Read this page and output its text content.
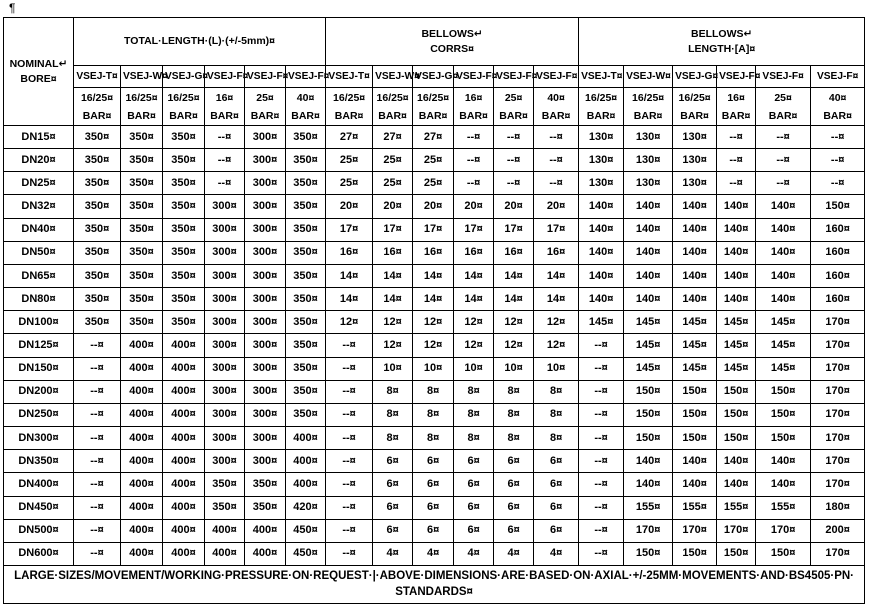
¶
NOMINAL↵
BORE¤	TOTAL·LENGTH·(L)·(+/-5mm)¤						BELLOWS↵
CORRS¤						BELLOWS↵
LENGTH·[A]¤					

	VSEJ-T¤	VSEJ-W¤	VSEJ-G¤	VSEJ-F¤	VSEJ-F¤	VSEJ-F¤	VSEJ-T¤	VSEJ-W¤	VSEJ-G¤	VSEJ-F¤	VSEJ-F¤	VSEJ-F¤	VSEJ-T¤	VSEJ-W¤	VSEJ-G¤	VSEJ-F¤	VSEJ-F¤	VSEJ-F¤

	16/25¤
BAR¤	16/25¤
BAR¤	16/25¤
BAR¤	16¤
BAR¤	25¤
BAR¤	40¤
BAR¤	16/25¤
BAR¤	16/25¤
BAR¤	16/25¤
BAR¤	16¤
BAR¤	25¤
BAR¤	40¤
BAR¤	16/25¤
BAR¤	16/25¤
BAR¤	16/25¤
BAR¤	16¤
BAR¤	25¤
BAR¤	40¤
BAR¤

DN15¤	350¤	350¤	350¤	--¤	300¤	350¤	27¤	27¤	27¤	--¤	--¤	--¤	130¤	130¤	130¤	--¤	--¤	--¤
DN20¤	350¤	350¤	350¤	--¤	300¤	350¤	25¤	25¤	25¤	--¤	--¤	--¤	130¤	130¤	130¤	--¤	--¤	--¤
DN25¤	350¤	350¤	350¤	--¤	300¤	350¤	25¤	25¤	25¤	--¤	--¤	--¤	130¤	130¤	130¤	--¤	--¤	--¤
DN32¤	350¤	350¤	350¤	300¤	300¤	350¤	20¤	20¤	20¤	20¤	20¤	20¤	140¤	140¤	140¤	140¤	140¤	150¤
DN40¤	350¤	350¤	350¤	300¤	300¤	350¤	17¤	17¤	17¤	17¤	17¤	17¤	140¤	140¤	140¤	140¤	140¤	160¤
DN50¤	350¤	350¤	350¤	300¤	300¤	350¤	16¤	16¤	16¤	16¤	16¤	16¤	140¤	140¤	140¤	140¤	140¤	160¤
DN65¤	350¤	350¤	350¤	300¤	300¤	350¤	14¤	14¤	14¤	14¤	14¤	14¤	140¤	140¤	140¤	140¤	140¤	160¤
DN80¤	350¤	350¤	350¤	300¤	300¤	350¤	14¤	14¤	14¤	14¤	14¤	14¤	140¤	140¤	140¤	140¤	140¤	160¤
DN100¤	350¤	350¤	350¤	300¤	300¤	350¤	12¤	12¤	12¤	12¤	12¤	12¤	145¤	145¤	145¤	145¤	145¤	170¤
DN125¤	--¤	400¤	400¤	300¤	300¤	350¤	--¤	12¤	12¤	12¤	12¤	12¤	--¤	145¤	145¤	145¤	145¤	170¤
DN150¤	--¤	400¤	400¤	300¤	300¤	350¤	--¤	10¤	10¤	10¤	10¤	10¤	--¤	145¤	145¤	145¤	145¤	170¤
DN200¤	--¤	400¤	400¤	300¤	300¤	350¤	--¤	8¤	8¤	8¤	8¤	8¤	--¤	150¤	150¤	150¤	150¤	170¤
DN250¤	--¤	400¤	400¤	300¤	300¤	350¤	--¤	8¤	8¤	8¤	8¤	8¤	--¤	150¤	150¤	150¤	150¤	170¤
DN300¤	--¤	400¤	400¤	300¤	300¤	400¤	--¤	8¤	8¤	8¤	8¤	8¤	--¤	150¤	150¤	150¤	150¤	170¤
DN350¤	--¤	400¤	400¤	300¤	300¤	400¤	--¤	6¤	6¤	6¤	6¤	6¤	--¤	140¤	140¤	140¤	140¤	170¤
DN400¤	--¤	400¤	400¤	350¤	350¤	400¤	--¤	6¤	6¤	6¤	6¤	6¤	--¤	140¤	140¤	140¤	140¤	170¤
DN450¤	--¤	400¤	400¤	350¤	350¤	420¤	--¤	6¤	6¤	6¤	6¤	6¤	--¤	155¤	155¤	155¤	155¤	180¤
DN500¤	--¤	400¤	400¤	400¤	400¤	450¤	--¤	6¤	6¤	6¤	6¤	6¤	--¤	170¤	170¤	170¤	170¤	200¤
DN600¤	--¤	400¤	400¤	400¤	400¤	450¤	--¤	4¤	4¤	4¤	4¤	4¤	--¤	150¤	150¤	150¤	150¤	170¤

LARGE·SIZES/MOVEMENT/WORKING·PRESSURE·ON·REQUEST·|·ABOVE·DIMENSIONS·ARE·BASED·ON·AXIAL·+/-25MM·MOVEMENTS·AND·BS4505·PN·
STANDARDS¤																		
